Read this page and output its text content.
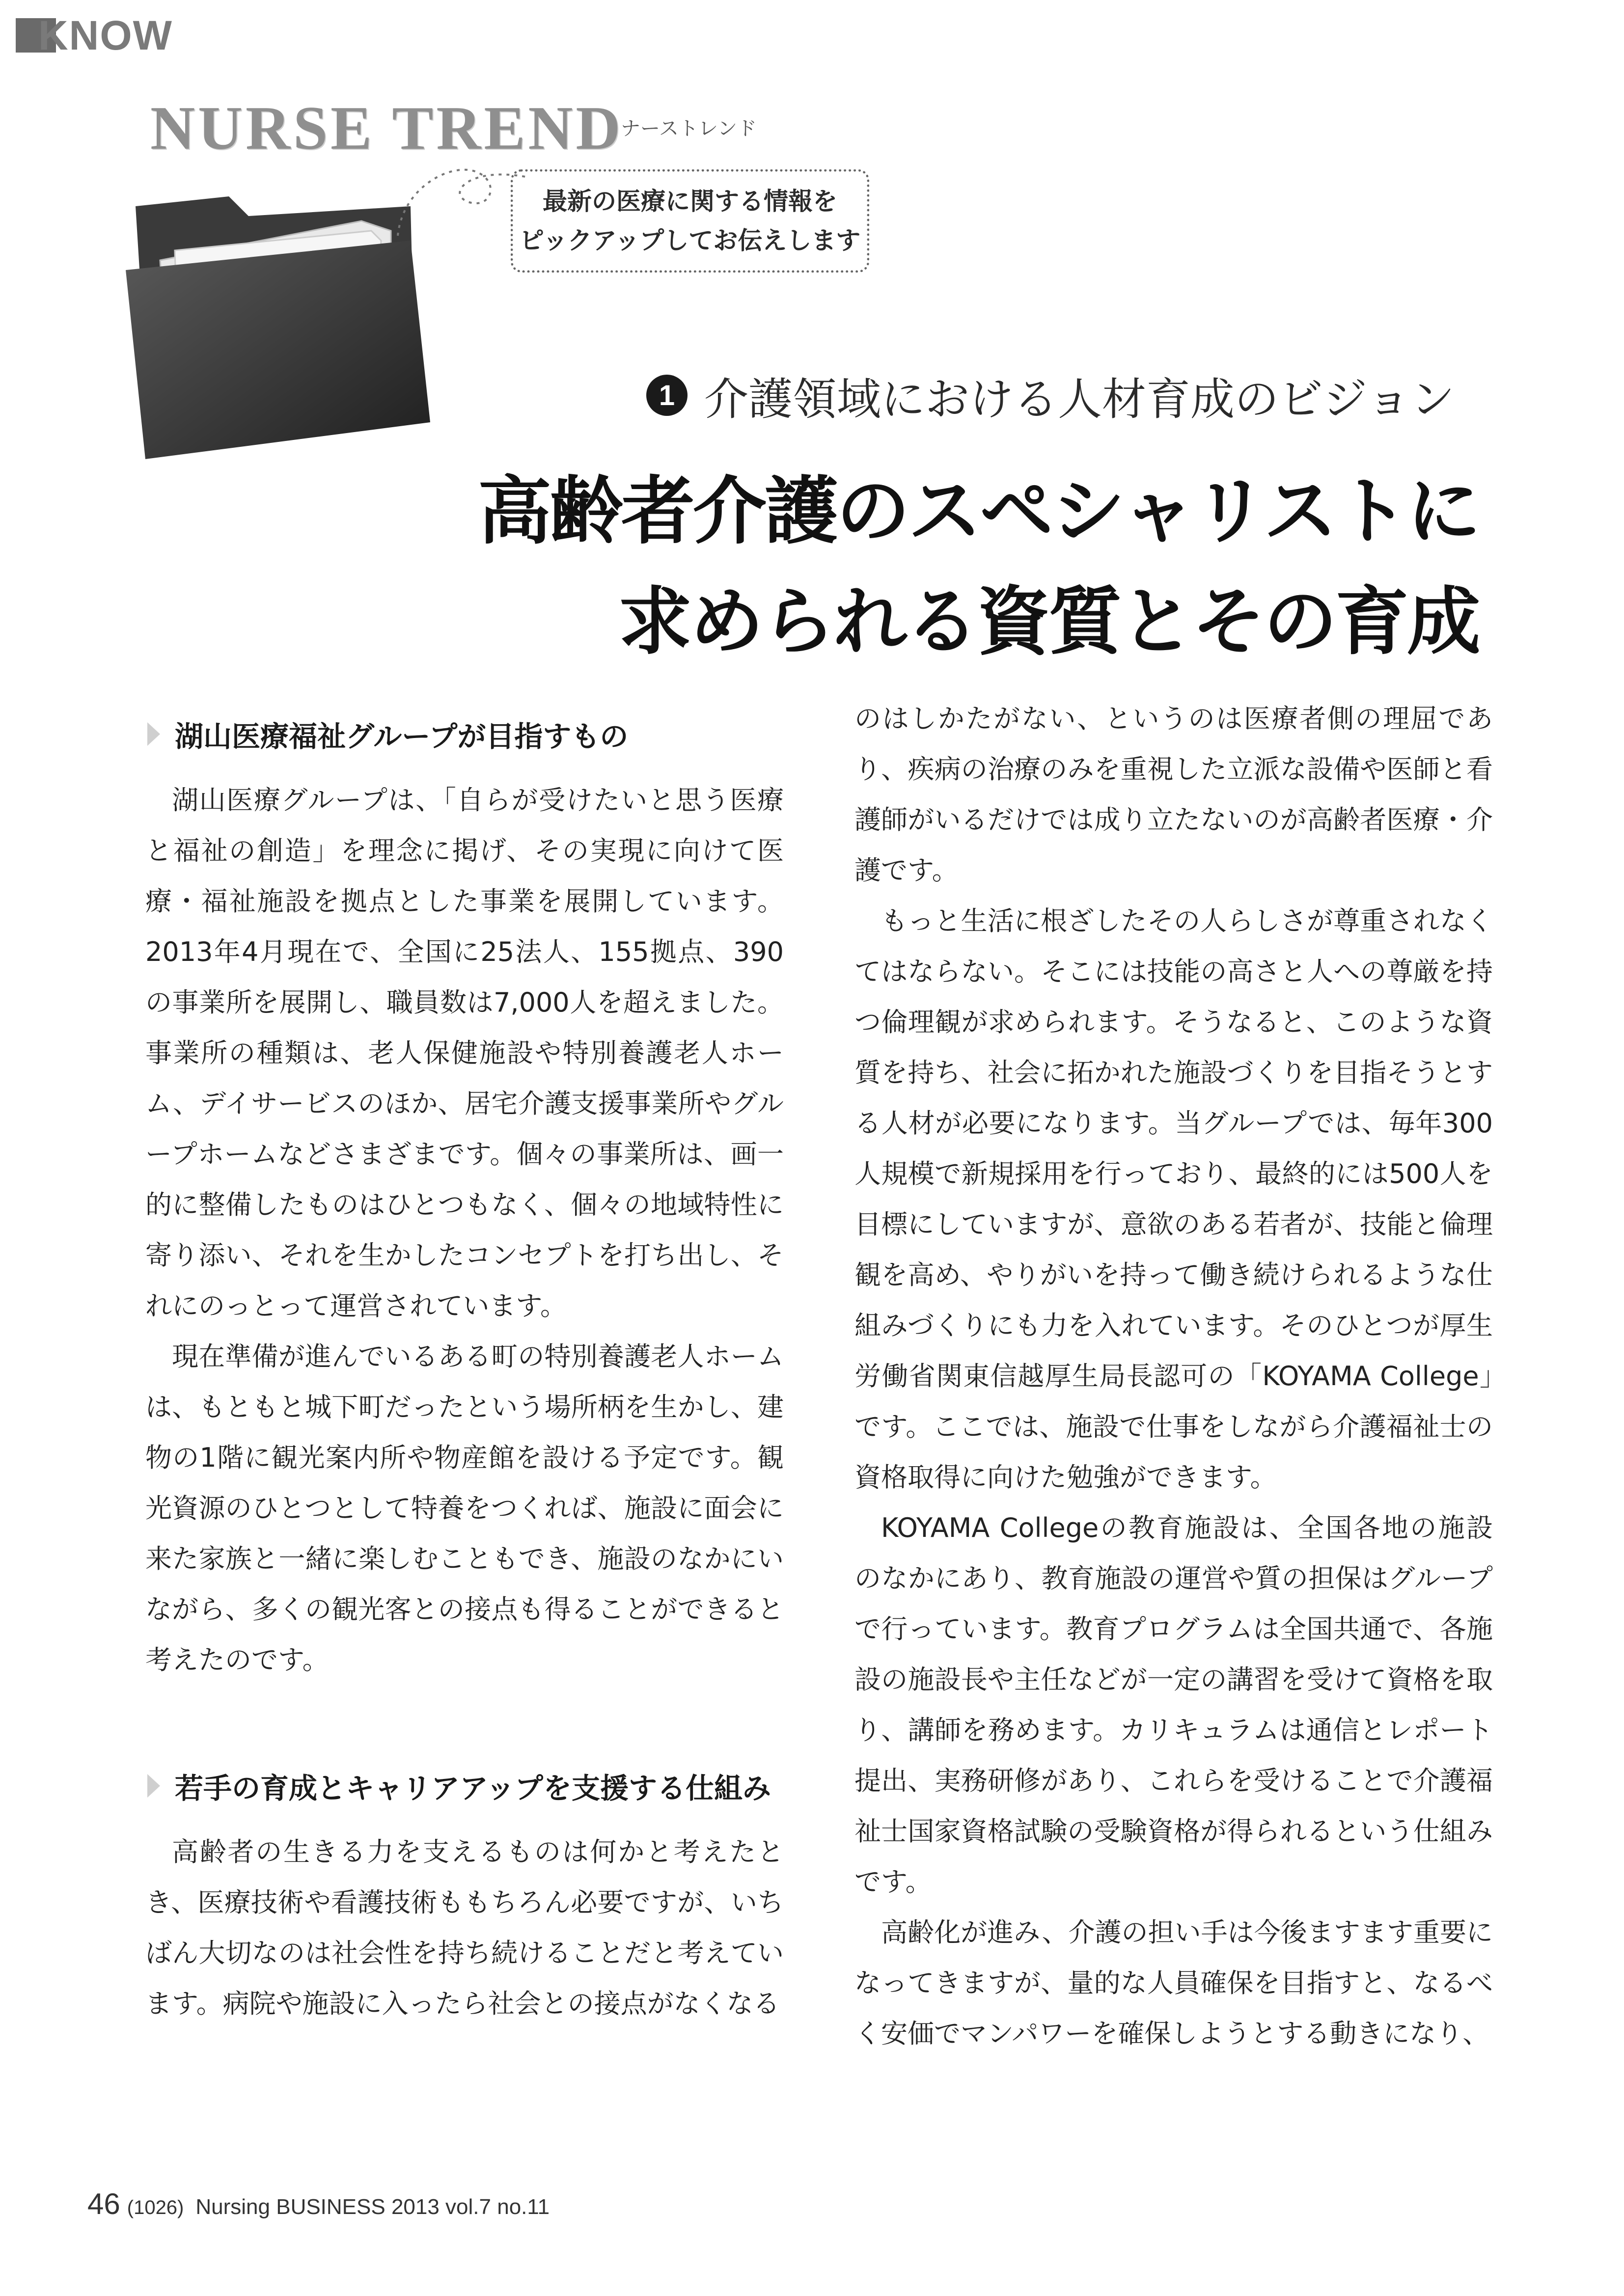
KNOW
NURSE TREND
ナーストレンド
最新の医療に関する情報を
ピックアップしてお伝えします
1 介護領域における人材育成のビジョン
高齢者介護のスペシャリストに
求められる資質とその育成
湖山医療福祉グループが目指すもの

湖山医療グループは、「自らが受けたいと思う医療と福祉の創造」を理念に掲げ、その実現に向けて医療・福祉施設を拠点とした事業を展開しています。2013年4月現在で、全国に25法人、155拠点、390の事業所を展開し、職員数は7,000人を超えました。事業所の種類は、老人保健施設や特別養護老人ホーム、デイサービスのほか、居宅介護支援事業所やグループホームなどさまざまです。個々の事業所は、画一的に整備したものはひとつもなく、個々の地域特性に寄り添い、それを生かしたコンセプトを打ち出し、それにのっとって運営されています。

現在準備が進んでいるある町の特別養護老人ホームは、もともと城下町だったという場所柄を生かし、建物の1階に観光案内所や物産館を設ける予定です。観光資源のひとつとして特養をつくれば、施設に面会に来た家族と一緒に楽しむこともでき、施設のなかにいながら、多くの観光客との接点も得ることができると考えたのです。

若手の育成とキャリアアップを支援する仕組み

高齢者の生きる力を支えるものは何かと考えたとき、医療技術や看護技術ももちろん必要ですが、いちばん大切なのは社会性を持ち続けることだと考えています。病院や施設に入ったら社会との接点がなくなる

のはしかたがない、というのは医療者側の理屈であり、疾病の治療のみを重視した立派な設備や医師と看護師がいるだけでは成り立たないのが高齢者医療・介護です。

もっと生活に根ざしたその人らしさが尊重されなくてはならない。そこには技能の高さと人への尊厳を持つ倫理観が求められます。そうなると、このような資質を持ち、社会に拓かれた施設づくりを目指そうとする人材が必要になります。当グループでは、毎年300人規模で新規採用を行っており、最終的には500人を目標にしていますが、意欲のある若者が、技能と倫理観を高め、やりがいを持って働き続けられるような仕組みづくりにも力を入れています。そのひとつが厚生労働省関東信越厚生局長認可の「KOYAMA College」です。ここでは、施設で仕事をしながら介護福祉士の資格取得に向けた勉強ができます。

KOYAMA Collegeの教育施設は、全国各地の施設のなかにあり、教育施設の運営や質の担保はグループで行っています。教育プログラムは全国共通で、各施設の施設長や主任などが一定の講習を受けて資格を取り、講師を務めます。カリキュラムは通信とレポート提出、実務研修があり、これらを受けることで介護福祉士国家資格試験の受験資格が得られるという仕組みです。

高齢化が進み、介護の担い手は今後ますます重要になってきますが、量的な人員確保を目指すと、なるべく安価でマンパワーを確保しようとする動きになり、

46 (1026) Nursing BUSINESS 2013 vol.7 no.11
